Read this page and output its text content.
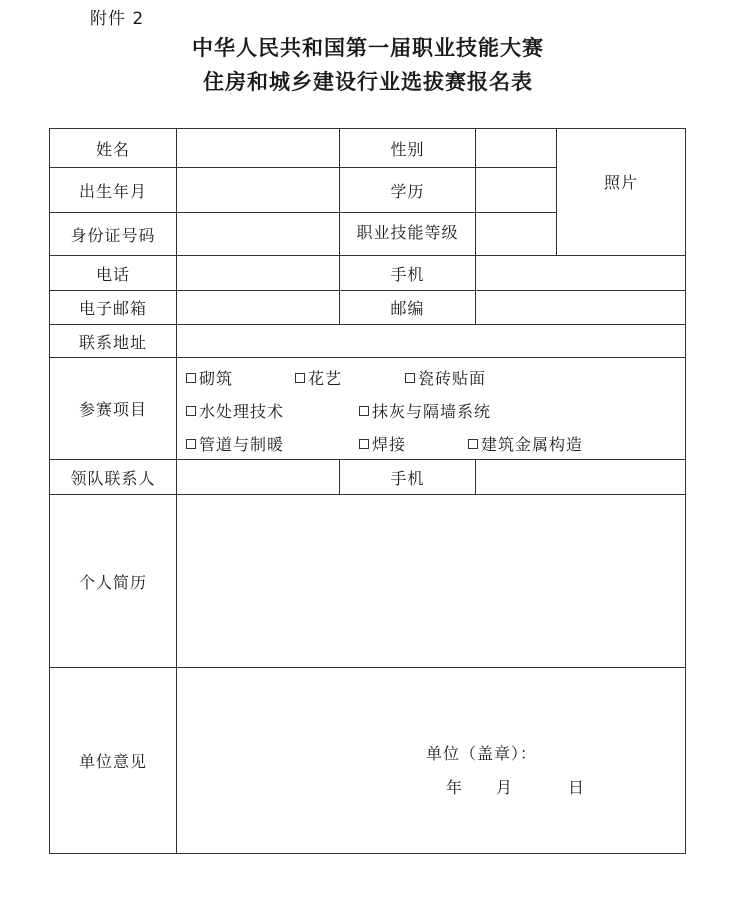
附件 2
中华人民共和国第一届职业技能大赛
住房和城乡建设行业选拔赛报名表
姓名	性别
照片
出生年月	学历
身份证号码	职业技能等级
电话	手机
电子邮箱	邮编
联系地址
参赛项目
砌筑	花艺	瓷砖贴面
水处理技术	抹灰与隔墙系统
管道与制暖	焊接	建筑金属构造
领队联系人	手机
个人简历
单位意见	单位（盖章）：
年 月	日
